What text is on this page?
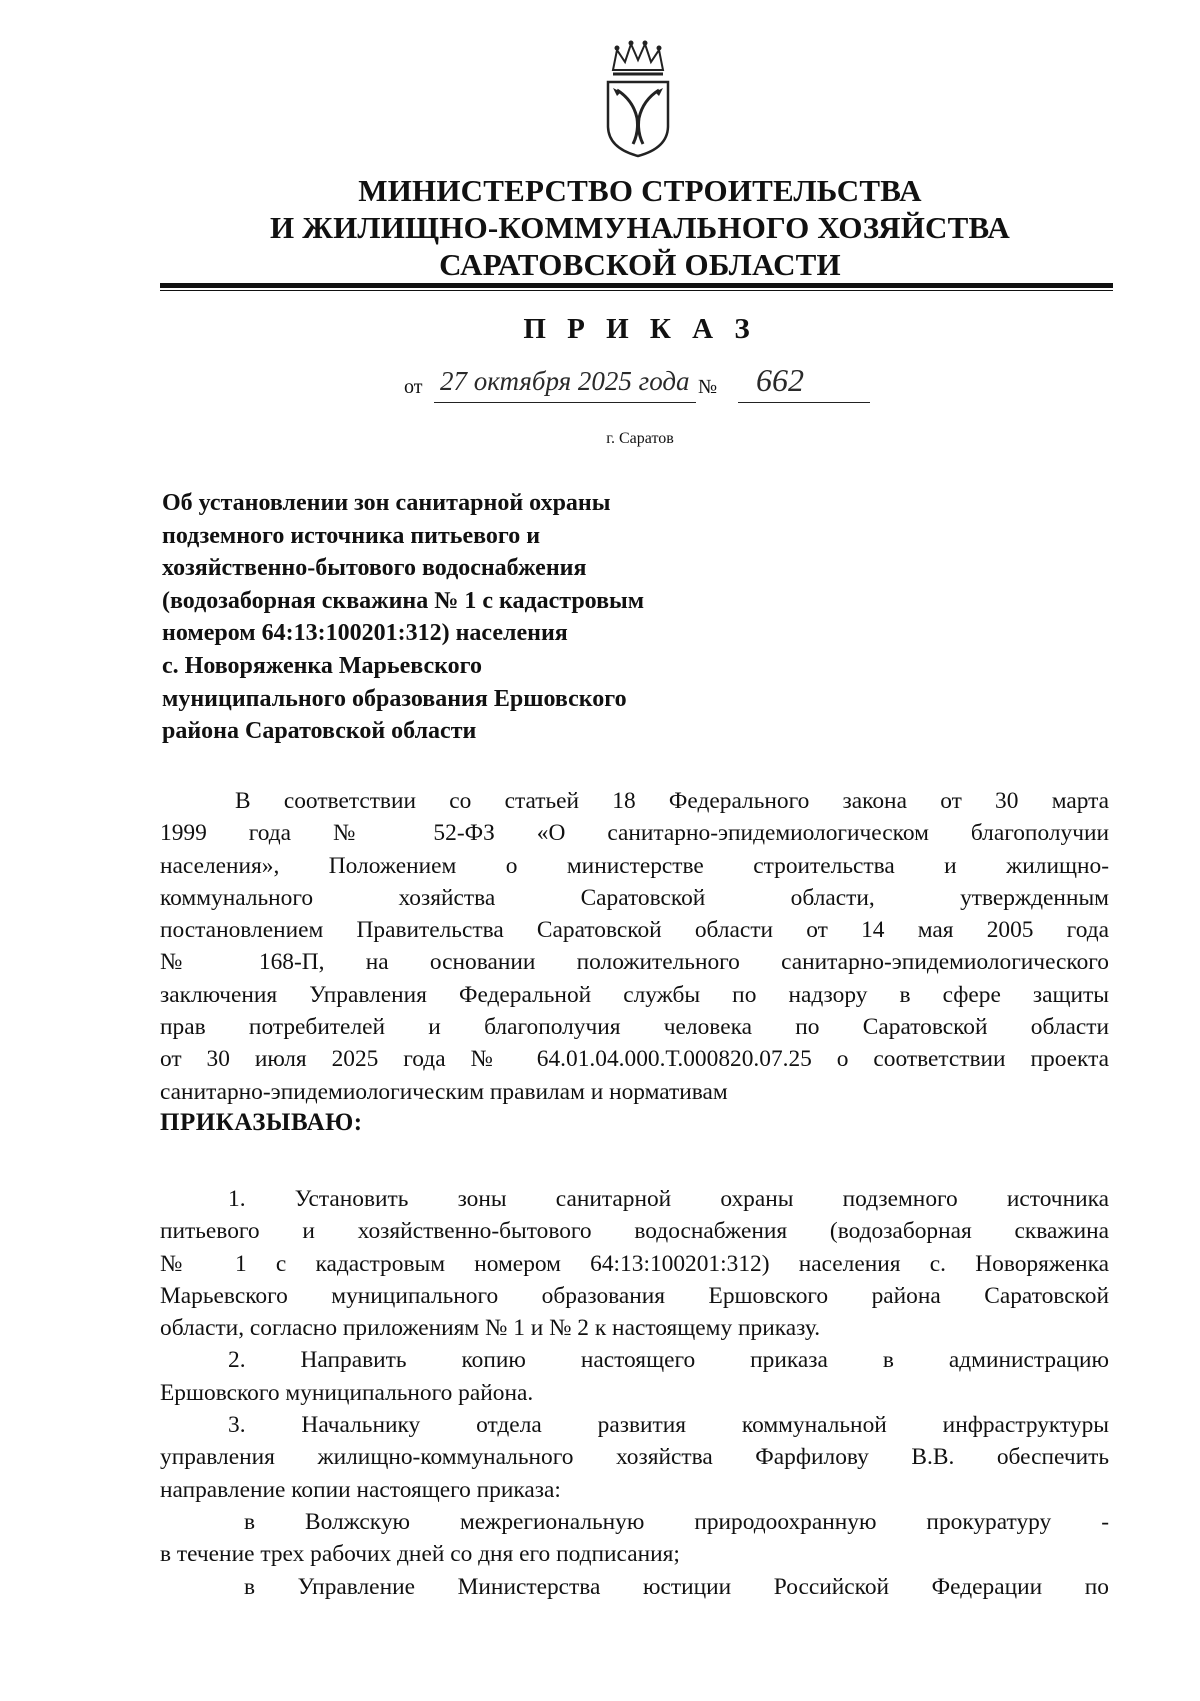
МИНИСТЕРСТВО СТРОИТЕЛЬСТВА
И ЖИЛИЩНО-КОММУНАЛЬНОГО ХОЗЯЙСТВА
САРАТОВСКОЙ ОБЛАСТИ
П Р И К А З
от 27 октября 2025 года № 662
г. Саратов
Об установлении зон санитарной охраны
подземного источника питьевого и
хозяйственно-бытового водоснабжения
(водозаборная скважина № 1 с кадастровым
номером 64:13:100201:312) населения
с. Новоряженка Марьевского
муниципального образования Ершовского
района Саратовской области
В соответствии со статьей 18 Федерального закона от 30 марта
1999 года № 52-ФЗ «О санитарно-эпидемиологическом благополучии
населения», Положением о министерстве строительства и жилищно-
коммунального хозяйства Саратовской области, утвержденным
постановлением Правительства Саратовской области от 14 мая 2005 года
№ 168-П, на основании положительного санитарно-эпидемиологического
заключения Управления Федеральной службы по надзору в сфере защиты
прав потребителей и благополучия человека по Саратовской области
от 30 июля 2025 года № 64.01.04.000.Т.000820.07.25 о соответствии проекта
санитарно-эпидемиологическим правилам и нормативам
ПРИКАЗЫВАЮ:
1. Установить зоны санитарной охраны подземного источника
питьевого и хозяйственно-бытового водоснабжения (водозаборная скважина
№ 1 с кадастровым номером 64:13:100201:312) населения с. Новоряженка
Марьевского муниципального образования Ершовского района Саратовской
области, согласно приложениям № 1 и № 2 к настоящему приказу.
2. Направить копию настоящего приказа в администрацию
Ершовского муниципального района.
3. Начальнику отдела развития коммунальной инфраструктуры
управления жилищно-коммунального хозяйства Фарфилову В.В. обеспечить
направление копии настоящего приказа:
в Волжскую межрегиональную природоохранную прокуратуру -
в течение трех рабочих дней со дня его подписания;
в Управление Министерства юстиции Российской Федерации по
